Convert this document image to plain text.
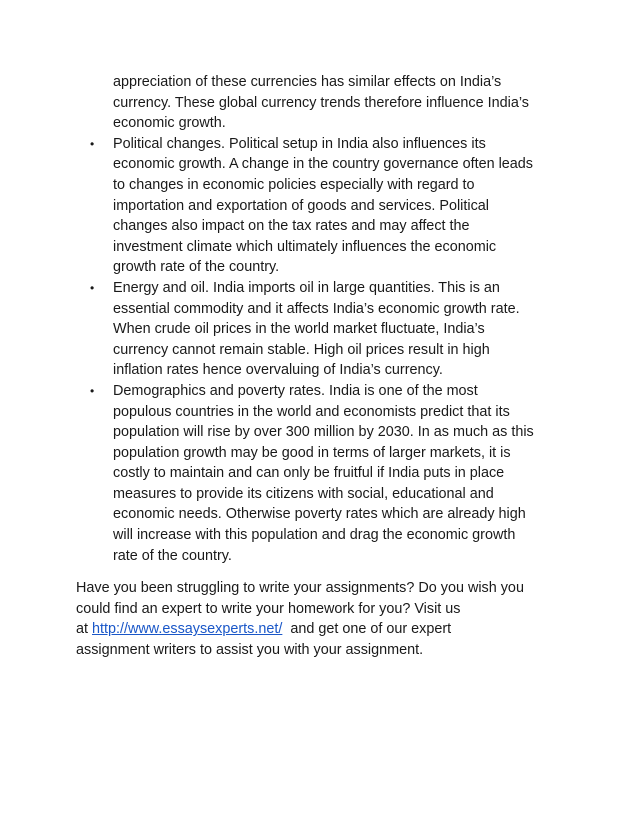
appreciation of these currencies has similar effects on India’s
currency. These global currency trends therefore influence India’s
economic growth.
• Political changes. Political setup in India also influences its
economic growth. A change in the country governance often leads
to changes in economic policies especially with regard to
importation and exportation of goods and services. Political
changes also impact on the tax rates and may affect the
investment climate which ultimately influences the economic
growth rate of the country.
• Energy and oil. India imports oil in large quantities. This is an
essential commodity and it affects India’s economic growth rate.
When crude oil prices in the world market fluctuate, India’s
currency cannot remain stable. High oil prices result in high
inflation rates hence overvaluing of India’s currency.
• Demographics and poverty rates. India is one of the most
populous countries in the world and economists predict that its
population will rise by over 300 million by 2030. In as much as this
population growth may be good in terms of larger markets, it is
costly to maintain and can only be fruitful if India puts in place
measures to provide its citizens with social, educational and
economic needs. Otherwise poverty rates which are already high
will increase with this population and drag the economic growth
rate of the country.
Have you been struggling to write your assignments? Do you wish you
could find an expert to write your homework for you? Visit us
at http://www.essaysexperts.net/  and get one of our expert
assignment writers to assist you with your assignment.
